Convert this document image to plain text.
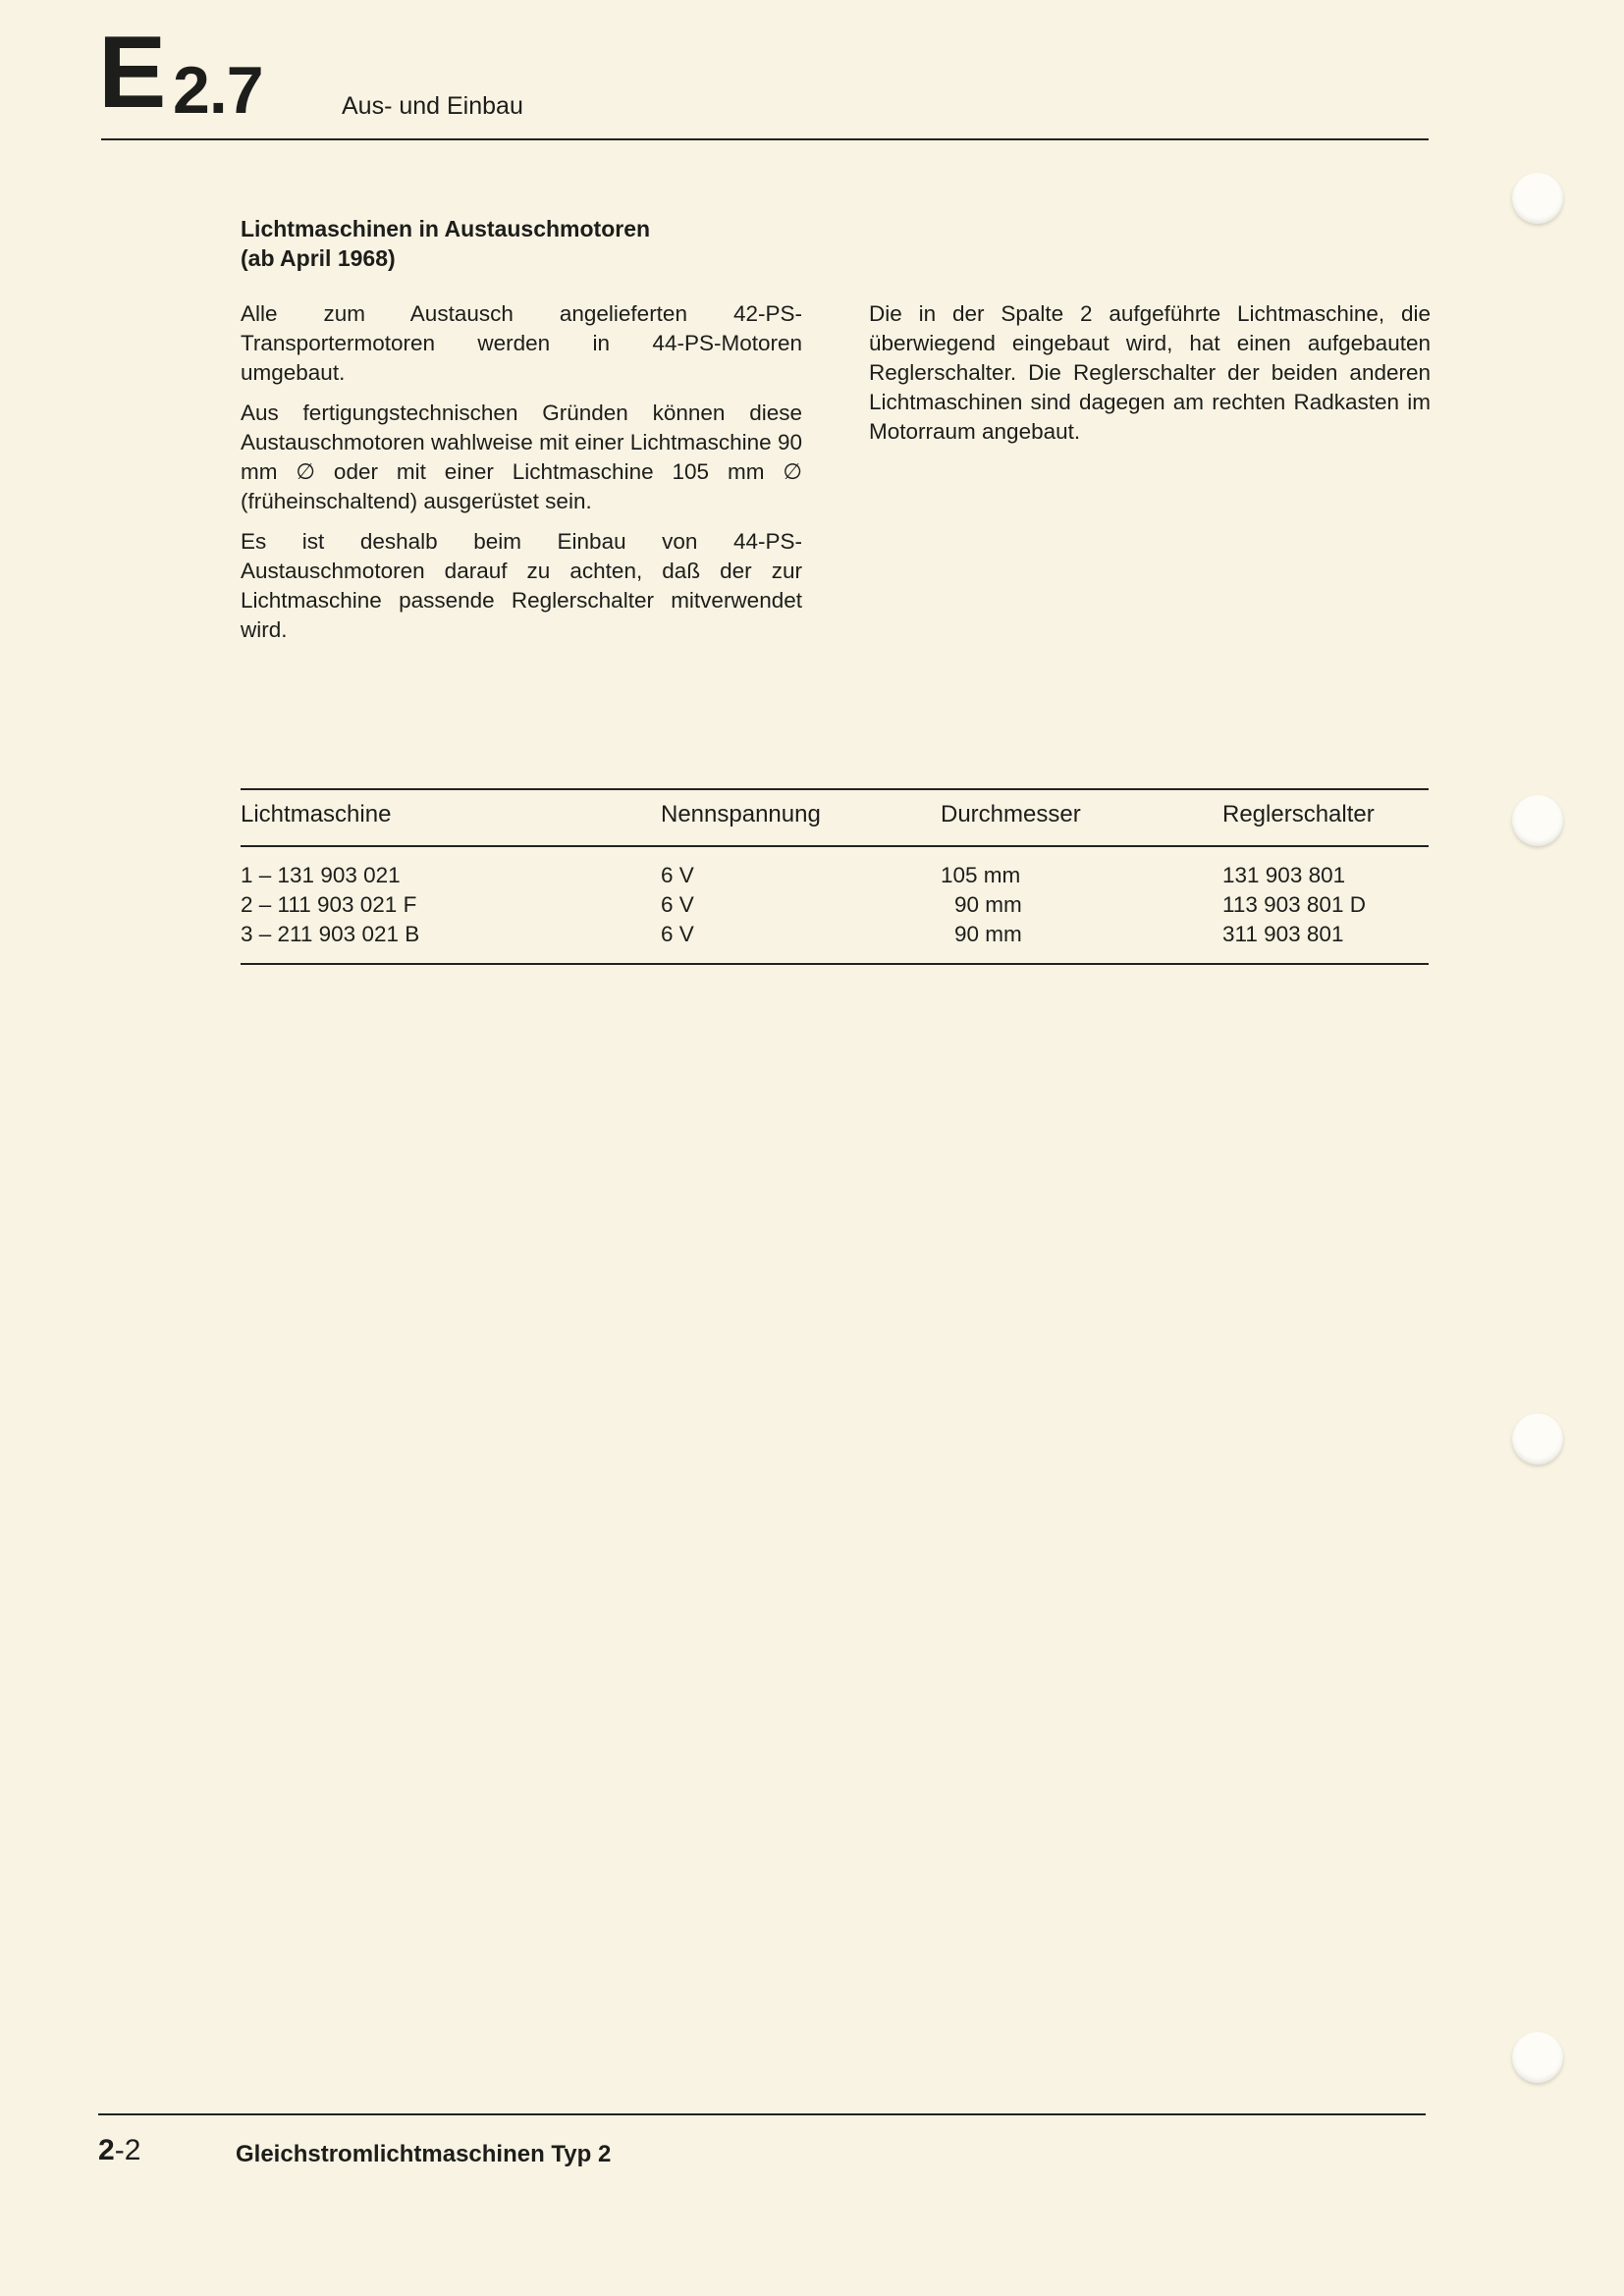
E 2.7	Aus- und Einbau
Lichtmaschinen in Austauschmotoren
(ab April 1968)

Alle zum Austausch angelieferten 42-PS-Transportermotoren werden in 44-PS-Motoren umgebaut.

Aus fertigungstechnischen Gründen können diese Austauschmotoren wahlweise mit einer Lichtmaschine 90 mm ∅ oder mit einer Lichtmaschine 105 mm ∅ (früheinschaltend) ausgerüstet sein.

Es ist deshalb beim Einbau von 44-PS-Austauschmotoren darauf zu achten, daß der zur Lichtmaschine passende Reglerschalter mitverwendet wird.

Die in der Spalte 2 aufgeführte Lichtmaschine, die überwiegend eingebaut wird, hat einen aufgebauten Reglerschalter. Die Reglerschalter der beiden anderen Lichtmaschinen sind dagegen am rechten Radkasten im Motorraum angebaut.

Lichtmaschine	Nennspannung	Durchmesser	Reglerschalter
1 – 131 903 021	6 V	105 mm	131 903 801
2 – 111 903 021 F	6 V	90 mm	113 903 801 D
3 – 211 903 021 B	6 V	90 mm	311 903 801
2-2	Gleichstromlichtmaschinen Typ 2
